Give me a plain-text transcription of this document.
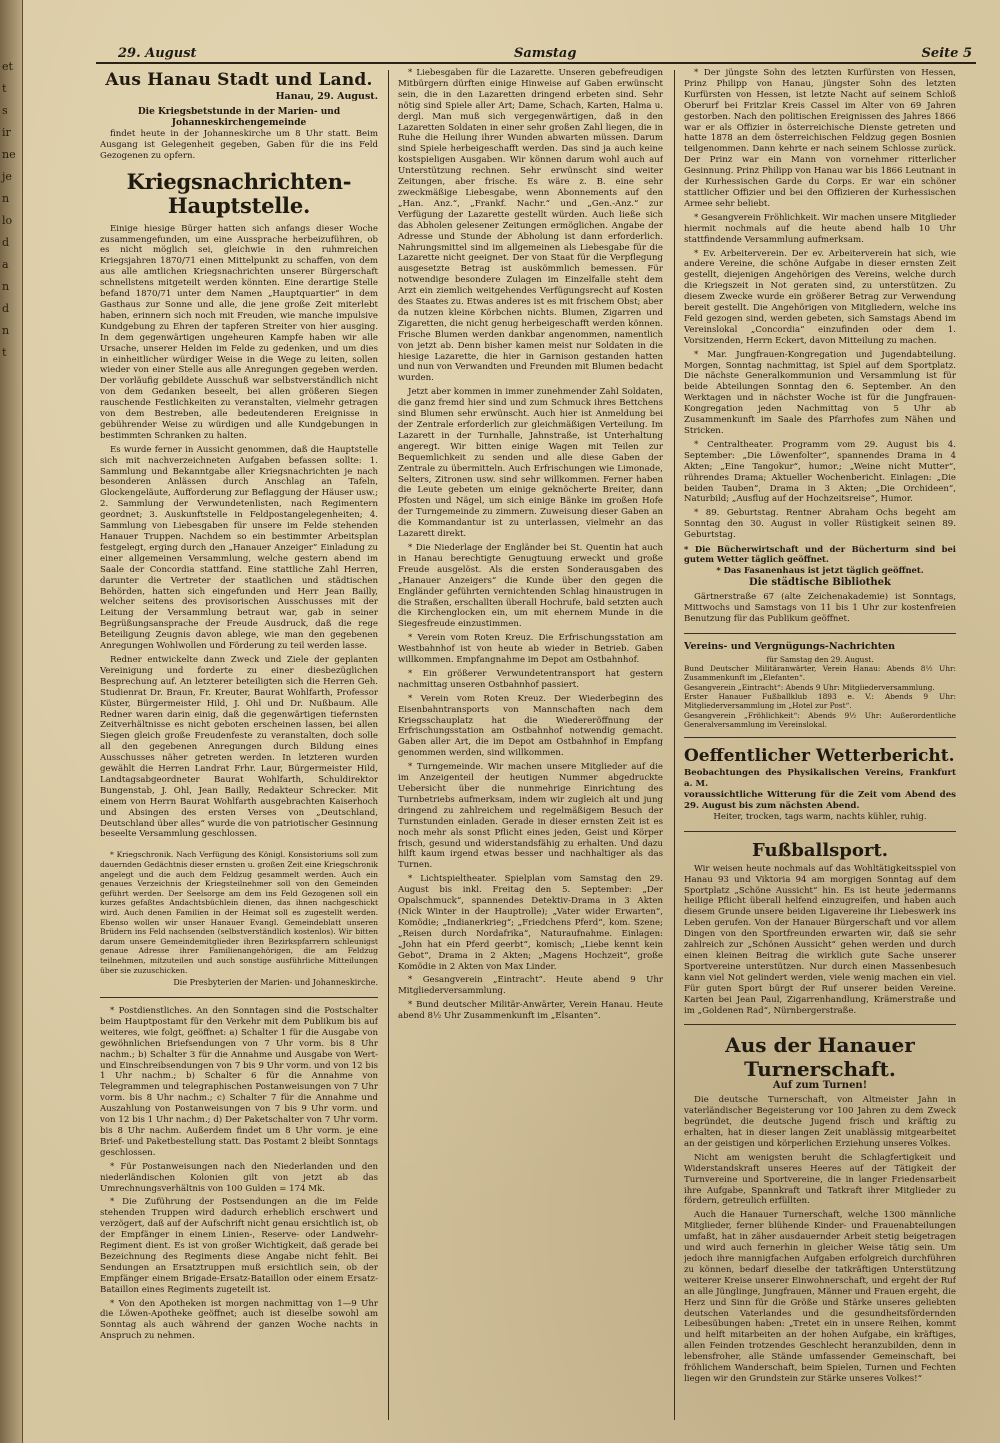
et
t
s
ir
ne
je
n
lo
d
a
n
d
n
t
29. August	Samstag	Seite 5
Aus Hanau Stadt und Land.
Hanau, 29. August.
Die Kriegsbetstunde in der Marien- und Johanneskirchengemeinde

findet heute in der Johanneskirche um 8 Uhr statt. Beim Ausgang ist Gelegenheit gegeben, Gaben für die ins Feld Gezogenen zu opfern.

Kriegsnachrichten-Hauptstelle.

Einige hiesige Bürger hatten sich anfangs dieser Woche zusammengefunden, um eine Aussprache herbeizuführen, ob es nicht möglich sei, gleichwie in den ruhmreichen Kriegsjahren 1870/71 einen Mittelpunkt zu schaffen, von dem aus alle amtlichen Kriegsnachrichten unserer Bürgerschaft schnellstens mitgeteilt werden könnten. Eine derartige Stelle befand 1870/71 unter dem Namen „Hauptquartier“ in dem Gasthaus zur Sonne und alle, die jene große Zeit miterlebt haben, erinnern sich noch mit Freuden, wie manche impulsive Kundgebung zu Ehren der tapferen Streiter von hier ausging. In dem gegenwärtigen ungeheuren Kampfe haben wir alle Ursache, unserer Helden im Felde zu gedenken, und um dies in einheitlicher würdiger Weise in die Wege zu leiten, sollen wieder von einer Stelle aus alle Anregungen gegeben werden. Der vorläufig gebildete Ausschuß war selbstverständlich nicht von dem Gedanken beseelt, bei allen größeren Siegen rauschende Festlichkeiten zu veranstalten, vielmehr getragen von dem Bestreben, alle bedeutenderen Ereignisse in gebührender Weise zu würdigen und alle Kundgebungen in bestimmten Schranken zu halten.

Es wurde ferner in Aussicht genommen, daß die Hauptstelle sich mit nachverzeichneten Aufgaben befassen sollte: 1. Sammlung und Bekanntgabe aller Kriegsnachrichten je nach besonderen Anlässen durch Anschlag an Tafeln, Glockengeläute, Aufforderung zur Beflaggung der Häuser usw.; 2. Sammlung der Verwundetenlisten, nach Regimentern geordnet; 3. Auskunftstelle in Feldpostangelegenheiten; 4. Sammlung von Liebesgaben für unsere im Felde stehenden Hanauer Truppen. Nachdem so ein bestimmter Arbeitsplan festgelegt, erging durch den „Hanauer Anzeiger“ Einladung zu einer allgemeinen Versammlung, welche gestern abend im Saale der Concordia stattfand. Eine stattliche Zahl Herren, darunter die Vertreter der staatlichen und städtischen Behörden, hatten sich eingefunden und Herr Jean Bailly, welcher seitens des provisorischen Ausschusses mit der Leitung der Versammlung betraut war, gab in seiner Begrüßungsansprache der Freude Ausdruck, daß die rege Beteiligung Zeugnis davon ablege, wie man den gegebenen Anregungen Wohlwollen und Förderung zu teil werden lasse.

Redner entwickelte dann Zweck und Ziele der geplanten Vereinigung und forderte zu einer diesbezüglichen Besprechung auf. An letzterer beteiligten sich die Herren Geh. Studienrat Dr. Braun, Fr. Kreuter, Baurat Wohlfarth, Professor Küster, Bürgermeister Hild, J. Ohl und Dr. Nußbaum. Alle Redner waren darin einig, daß die gegenwärtigen tiefernsten Zeitverhältnisse es nicht geboten erscheinen lassen, bei allen Siegen gleich große Freudenfeste zu veranstalten, doch solle all den gegebenen Anregungen durch Bildung eines Ausschusses näher getreten werden. In letzteren wurden gewählt die Herren Landrat Frhr. Laur, Bürgermeister Hild, Landtagsabgeordneter Baurat Wohlfarth, Schuldirektor Bungenstab, J. Ohl, Jean Bailly, Redakteur Schrecker. Mit einem von Herrn Baurat Wohlfarth ausgebrachten Kaiserhoch und Absingen des ersten Verses von „Deutschland, Deutschland über alles“ wurde die von patriotischer Gesinnung beseelte Versammlung geschlossen.

* Kriegschronik. Nach Verfügung des Königl. Konsistoriums soll zum dauernden Gedächtnis dieser ernsten u. großen Zeit eine Kriegschronik angelegt und die auch dem Feldzug gesammelt werden. Auch ein genaues Verzeichnis der Kriegsteilnehmer soll von den Gemeinden geführt werden. Der Seelsorge am dem ins Feld Gezogenen soll ein kurzes gefaßtes Andachtsbüchlein dienen, das ihnen nachgeschickt wird. Auch denen Familien in der Heimat soll es zugestellt werden. Ebenso wollen wir unser Hanauer Evangl. Gemeindeblatt unseren Brüdern ins Feld nachsenden (selbstverständlich kostenlos). Wir bitten darum unsere Gemeindemitglieder ihren Bezirkspfarrern schleunigst genaue Adresse ihrer Familienangehörigen, die am Feldzug teilnehmen, mitzuteilen und auch sonstige ausführliche Mitteilungen über sie zuzuschicken.

Die Presbyterien der Marien- und Johanneskirche.

* Postdienstliches. An den Sonntagen sind die Postschalter beim Hauptpostamt für den Verkehr mit dem Publikum bis auf weiteres, wie folgt, geöffnet: a) Schalter 1 für die Ausgabe von gewöhnlichen Briefsendungen von 7 Uhr vorm. bis 8 Uhr nachm.; b) Schalter 3 für die Annahme und Ausgabe von Wert- und Einschreibsendungen von 7 bis 9 Uhr vorm. und von 12 bis 1 Uhr nachm.; b) Schalter 6 für die Annahme von Telegrammen und telegraphischen Postanweisungen von 7 Uhr vorm. bis 8 Uhr nachm.; c) Schalter 7 für die Annahme und Auszahlung von Postanweisungen von 7 bis 9 Uhr vorm. und von 12 bis 1 Uhr nachm.; d) Der Paketschalter von 7 Uhr vorm. bis 8 Uhr nachm. Außerdem findet um 8 Uhr vorm. je eine Brief- und Paketbestellung statt. Das Postamt 2 bleibt Sonntags geschlossen.

* Für Postanweisungen nach den Niederlanden und den niederländischen Kolonien gilt von jetzt ab das Umrechnungsverhältnis von 100 Gulden = 174 Mk.

* Die Zuführung der Postsendungen an die im Felde stehenden Truppen wird dadurch erheblich erschwert und verzögert, daß auf der Aufschrift nicht genau ersichtlich ist, ob der Empfänger in einem Linien-, Reserve- oder Landwehr-Regiment dient. Es ist von großer Wichtigkeit, daß gerade bei Bezeichnung des Regiments diese Angabe nicht fehlt. Bei Sendungen an Ersatztruppen muß ersichtlich sein, ob der Empfänger einem Brigade-Ersatz-Bataillon oder einem Ersatz-Bataillon eines Regiments zugeteilt ist.

* Von den Apotheken ist morgen nachmittag von 1—9 Uhr die Löwen-Apotheke geöffnet; auch ist dieselbe sowohl am Sonntag als auch während der ganzen Woche nachts in Anspruch zu nehmen.

* Liebesgaben für die Lazarette. Unseren gebefreudigen Mitbürgern dürften einige Hinweise auf Gaben erwünscht sein, die in den Lazaretten dringend erbeten sind. Sehr nötig sind Spiele aller Art; Dame, Schach, Karten, Halma u. dergl. Man muß sich vergegenwärtigen, daß in den Lazaretten Soldaten in einer sehr großen Zahl liegen, die in Ruhe die Heilung ihrer Wunden abwarten müssen. Darum sind Spiele herbeigeschafft werden. Das sind ja auch keine kostspieligen Ausgaben. Wir können darum wohl auch auf Unterstützung rechnen. Sehr erwünscht sind weiter Zeitungen, aber frische. Es wäre z. B. eine sehr zweckmäßige Liebesgabe, wenn Abonnements auf den „Han. Anz.“, „Frankf. Nachr.“ und „Gen.-Anz.“ zur Verfügung der Lazarette gestellt würden. Auch ließe sich das Abholen gelesener Zeitungen ermöglichen. Angabe der Adresse und Stunde der Abholung ist dann erforderlich. Nahrungsmittel sind im allgemeinen als Liebesgabe für die Lazarette nicht geeignet. Der von Staat für die Verpflegung ausgesetzte Betrag ist auskömmlich bemessen. Für notwendige besondere Zulagen im Einzelfalle steht dem Arzt ein ziemlich weitgehendes Verfügungsrecht auf Kosten des Staates zu. Etwas anderes ist es mit frischem Obst; aber da nutzen kleine Körbchen nichts. Blumen, Zigarren und Zigaretten, die nicht genug herbeigeschafft werden können. Frische Blumen werden dankbar angenommen, namentlich von jetzt ab. Denn bisher kamen meist nur Soldaten in die hiesige Lazarette, die hier in Garnison gestanden hatten und nun von Verwandten und Freunden mit Blumen bedacht wurden.

Jetzt aber kommen in immer zunehmender Zahl Soldaten, die ganz fremd hier sind und zum Schmuck ihres Bettchens sind Blumen sehr erwünscht. Auch hier ist Anmeldung bei der Zentrale erforderlich zur gleichmäßigen Verteilung. Im Lazarett in der Turnhalle, Jahnstraße, ist Unterhaltung angeregt. Wir bitten einige Wagen mit Teilen zur Bequemlichkeit zu senden und alle diese Gaben der Zentrale zu übermitteln. Auch Erfrischungen wie Limonade, Selters, Zitronen usw. sind sehr willkommen. Ferner haben die Leute gebeten um einige geknöcherte Breiter, dann Pfosten und Nägel, um sich einige Bänke im großen Hofe der Turngemeinde zu zimmern. Zuweisung dieser Gaben an die Kommandantur ist zu unterlassen, vielmehr an das Lazarett direkt.

* Die Niederlage der Engländer bei St. Quentin hat auch in Hanau berechtigte Genugtuung erweckt und große Freude ausgelöst. Als die ersten Sonderausgaben des „Hanauer Anzeigers“ die Kunde über den gegen die Engländer geführten vernichtenden Schlag hinaustrugen in die Straßen, erschallten überall Hochrufe, bald setzten auch die Kirchenglocken ein, um mit ehernem Munde in die Siegesfreude einzustimmen.

* Verein vom Roten Kreuz. Die Erfrischungsstation am Westbahnhof ist von heute ab wieder in Betrieb. Gaben willkommen. Empfangnahme im Depot am Ostbahnhof.

* Ein größerer Verwundetentransport hat gestern nachmittag unseren Ostbahnhof passiert.

* Verein vom Roten Kreuz. Der Wiederbeginn des Eisenbahntransports von Mannschaften nach dem Kriegsschauplatz hat die Wiedereröffnung der Erfrischungsstation am Ostbahnhof notwendig gemacht. Gaben aller Art, die im Depot am Ostbahnhof in Empfang genommen werden, sind willkommen.

* Turngemeinde. Wir machen unsere Mitglieder auf die im Anzeigenteil der heutigen Nummer abgedruckte Uebersicht über die nunmehrige Einrichtung des Turnbetriebs aufmerksam, indem wir zugleich alt und jung dringend zu zahlreichem und regelmäßigem Besuch der Turnstunden einladen. Gerade in dieser ernsten Zeit ist es noch mehr als sonst Pflicht eines jeden, Geist und Körper frisch, gesund und widerstandsfähig zu erhalten. Und dazu hilft kaum irgend etwas besser und nachhaltiger als das Turnen.

* Lichtspieltheater. Spielplan vom Samstag den 29. August bis inkl. Freitag den 5. September: „Der Opalschmuck“, spannendes Detektiv-Drama in 3 Akten (Nick Winter in der Hauptrolle); „Vater wider Erwarten“, Komödie; „Indianerkrieg“; „Friedchens Pferd“, kom. Szene; „Reisen durch Nordafrika“, Naturaufnahme. Einlagen: „John hat ein Pferd geerbt“, komisch; „Liebe kennt kein Gebot“, Drama in 2 Akten; „Magens Hochzeit“, große Komödie in 2 Akten von Max Linder.

* Gesangverein „Eintracht“. Heute abend 9 Uhr Mitgliederversammlung.

* Bund deutscher Militär-Anwärter, Verein Hanau. Heute abend 8½ Uhr Zusammenkunft im „Elsanten“.

* Der jüngste Sohn des letzten Kurfürsten von Hessen, Prinz Philipp von Hanau, jüngster Sohn des letzten Kurfürsten von Hessen, ist letzte Nacht auf seinem Schloß Oberurf bei Fritzlar Kreis Cassel im Alter von 69 Jahren gestorben. Nach den politischen Ereignissen des Jahres 1866 war er als Offizier in österreichische Dienste getreten und hatte 1878 an dem österreichischen Feldzug gegen Bosnien teilgenommen. Dann kehrte er nach seinem Schlosse zurück. Der Prinz war ein Mann von vornehmer ritterlicher Gesinnung. Prinz Philipp von Hanau war bis 1866 Leutnant in der Kurhessischen Garde du Corps. Er war ein schöner stattlicher Offizier und bei den Offizieren der Kurhessischen Armee sehr beliebt.

* Gesangverein Fröhlichkeit. Wir machen unsere Mitglieder hiermit nochmals auf die heute abend halb 10 Uhr stattfindende Versammlung aufmerksam.

* Ev. Arbeiterverein. Der ev. Arbeiterverein hat sich, wie andere Vereine, die schöne Aufgabe in dieser ernsten Zeit gestellt, diejenigen Angehörigen des Vereins, welche durch die Kriegszeit in Not geraten sind, zu unterstützen. Zu diesem Zwecke wurde ein größerer Betrag zur Verwendung bereit gestellt. Die Angehörigen von Mitgliedern, welche ins Feld gezogen sind, werden gebeten, sich Samstags Abend im Vereinslokal „Concordia“ einzufinden oder dem 1. Vorsitzenden, Herrn Eckert, davon Mitteilung zu machen.

* Mar. Jungfrauen-Kongregation und Jugendabteilung. Morgen, Sonntag nachmittag, ist Spiel auf dem Sportplatz. Die nächste Generalkommunion und Versammlung ist für beide Abteilungen Sonntag den 6. September. An den Werktagen und in nächster Woche ist für die Jungfrauen-Kongregation jeden Nachmittag von 5 Uhr ab Zusammenkunft im Saale des Pfarrhofes zum Nähen und Stricken.

* Centraltheater. Programm vom 29. August bis 4. September: „Die Löwenfolter“, spannendes Drama in 4 Akten; „Eine Tangokur“, humor.; „Weine nicht Mutter“, rührendes Drama; Aktueller Wochenbericht. Einlagen: „Die beiden Tauben“, Drama in 3 Akten; „Die Orchideen“, Naturbild; „Ausflug auf der Hochzeitsreise“, Humor.

* 89. Geburtstag. Rentner Abraham Ochs begeht am Sonntag den 30. August in voller Rüstigkeit seinen 89. Geburtstag.

* Die Bücherwirtschaft und der Bücherturm sind bei gutem Wetter täglich geöffnet.
* Das Fasanenhaus ist jetzt täglich geöffnet.
Die städtische Bibliothek

Gärtnerstraße 67 (alte Zeichenakademie) ist Sonntags, Mittwochs und Samstags von 11 bis 1 Uhr zur kostenfreien Benutzung für das Publikum geöffnet.

Vereins- und Vergnügungs-Nachrichten
für Samstag den 29. August.
Bund Deutscher Militäranwärter, Verein Hanau: Abends 8½ Uhr: Zusammenkunft im „Elefanten“.
Gesangverein „Eintracht“: Abends 9 Uhr: Mitgliederversammlung.
Erster Hanauer Fußballklub 1893 e. V.: Abends 9 Uhr: Mitgliederversammlung im „Hotel zur Post“.
Gesangverein „Fröhlichkeit“: Abends 9½ Uhr: Außerordentliche Generalversammlung im Vereinslokal.
Oeffentlicher Wetterbericht.
Beobachtungen des Physikalischen Vereins, Frankfurt a. M.
voraussichtliche Witterung für die Zeit vom Abend des 29. August bis zum nächsten Abend.
Heiter, trocken, tags warm, nachts kühler, ruhig.
Fußballsport.

Wir weisen heute nochmals auf das Wohltätigkeitsspiel von Hanau 93 und Viktoria 94 am morgigen Sonntag auf dem Sportplatz „Schöne Aussicht“ hin. Es ist heute jedermanns heilige Pflicht überall helfend einzugreifen, und haben auch diesem Grunde unsere beiden Ligavereine ihr Liebeswerk ins Leben gerufen. Von der Hanauer Bürgerschaft und vor allem Dingen von den Sportfreunden erwarten wir, daß sie sehr zahlreich zur „Schönen Aussicht“ gehen werden und durch einen kleinen Beitrag die wirklich gute Sache unserer Sportvereine unterstützen. Nur durch einen Massenbesuch kann viel Not gelindert werden, viele wenig machen ein viel. Für guten Sport bürgt der Ruf unserer beiden Vereine. Karten bei Jean Paul, Zigarrenhandlung, Krämerstraße und im „Goldenen Rad“, Nürnbergerstraße.

Aus der Hanauer Turnerschaft.
Auf zum Turnen!

Die deutsche Turnerschaft, von Altmeister Jahn in vaterländischer Begeisterung vor 100 Jahren zu dem Zweck begründet, die deutsche Jugend frisch und kräftig zu erhalten, hat in dieser langen Zeit unablässig mitgearbeitet an der geistigen und körperlichen Erziehung unseres Volkes.

Nicht am wenigsten beruht die Schlagfertigkeit und Widerstandskraft unseres Heeres auf der Tätigkeit der Turnvereine und Sportvereine, die in langer Friedensarbeit ihre Aufgabe, Spannkraft und Tatkraft ihrer Mitglieder zu fördern, getreulich erfüllten.

Auch die Hanauer Turnerschaft, welche 1300 männliche Mitglieder, ferner blühende Kinder- und Frauenabteilungen umfaßt, hat in zäher ausdauernder Arbeit stetig beigetragen und wird auch fernerhin in gleicher Weise tätig sein. Um jedoch ihre mannigfachen Aufgaben erfolgreich durchführen zu können, bedarf dieselbe der tatkräftigen Unterstützung weiterer Kreise unserer Einwohnerschaft, und ergeht der Ruf an alle Jünglinge, Jungfrauen, Männer und Frauen ergeht, die Herz und Sinn für die Größe und Stärke unseres geliebten deutschen Vaterlandes und die gesundheitsfördernden Leibesübungen haben: „Tretet ein in unsere Reihen, kommt und helft mitarbeiten an der hohen Aufgabe, ein kräftiges, allen Feinden trotzendes Geschlecht heranzubilden, denn in lebensfroher, alle Stände umfassender Gemeinschaft, bei fröhlichem Wanderschaft, beim Spielen, Turnen und Fechten liegen wir den Grundstein zur Stärke unseres Volkes!“
